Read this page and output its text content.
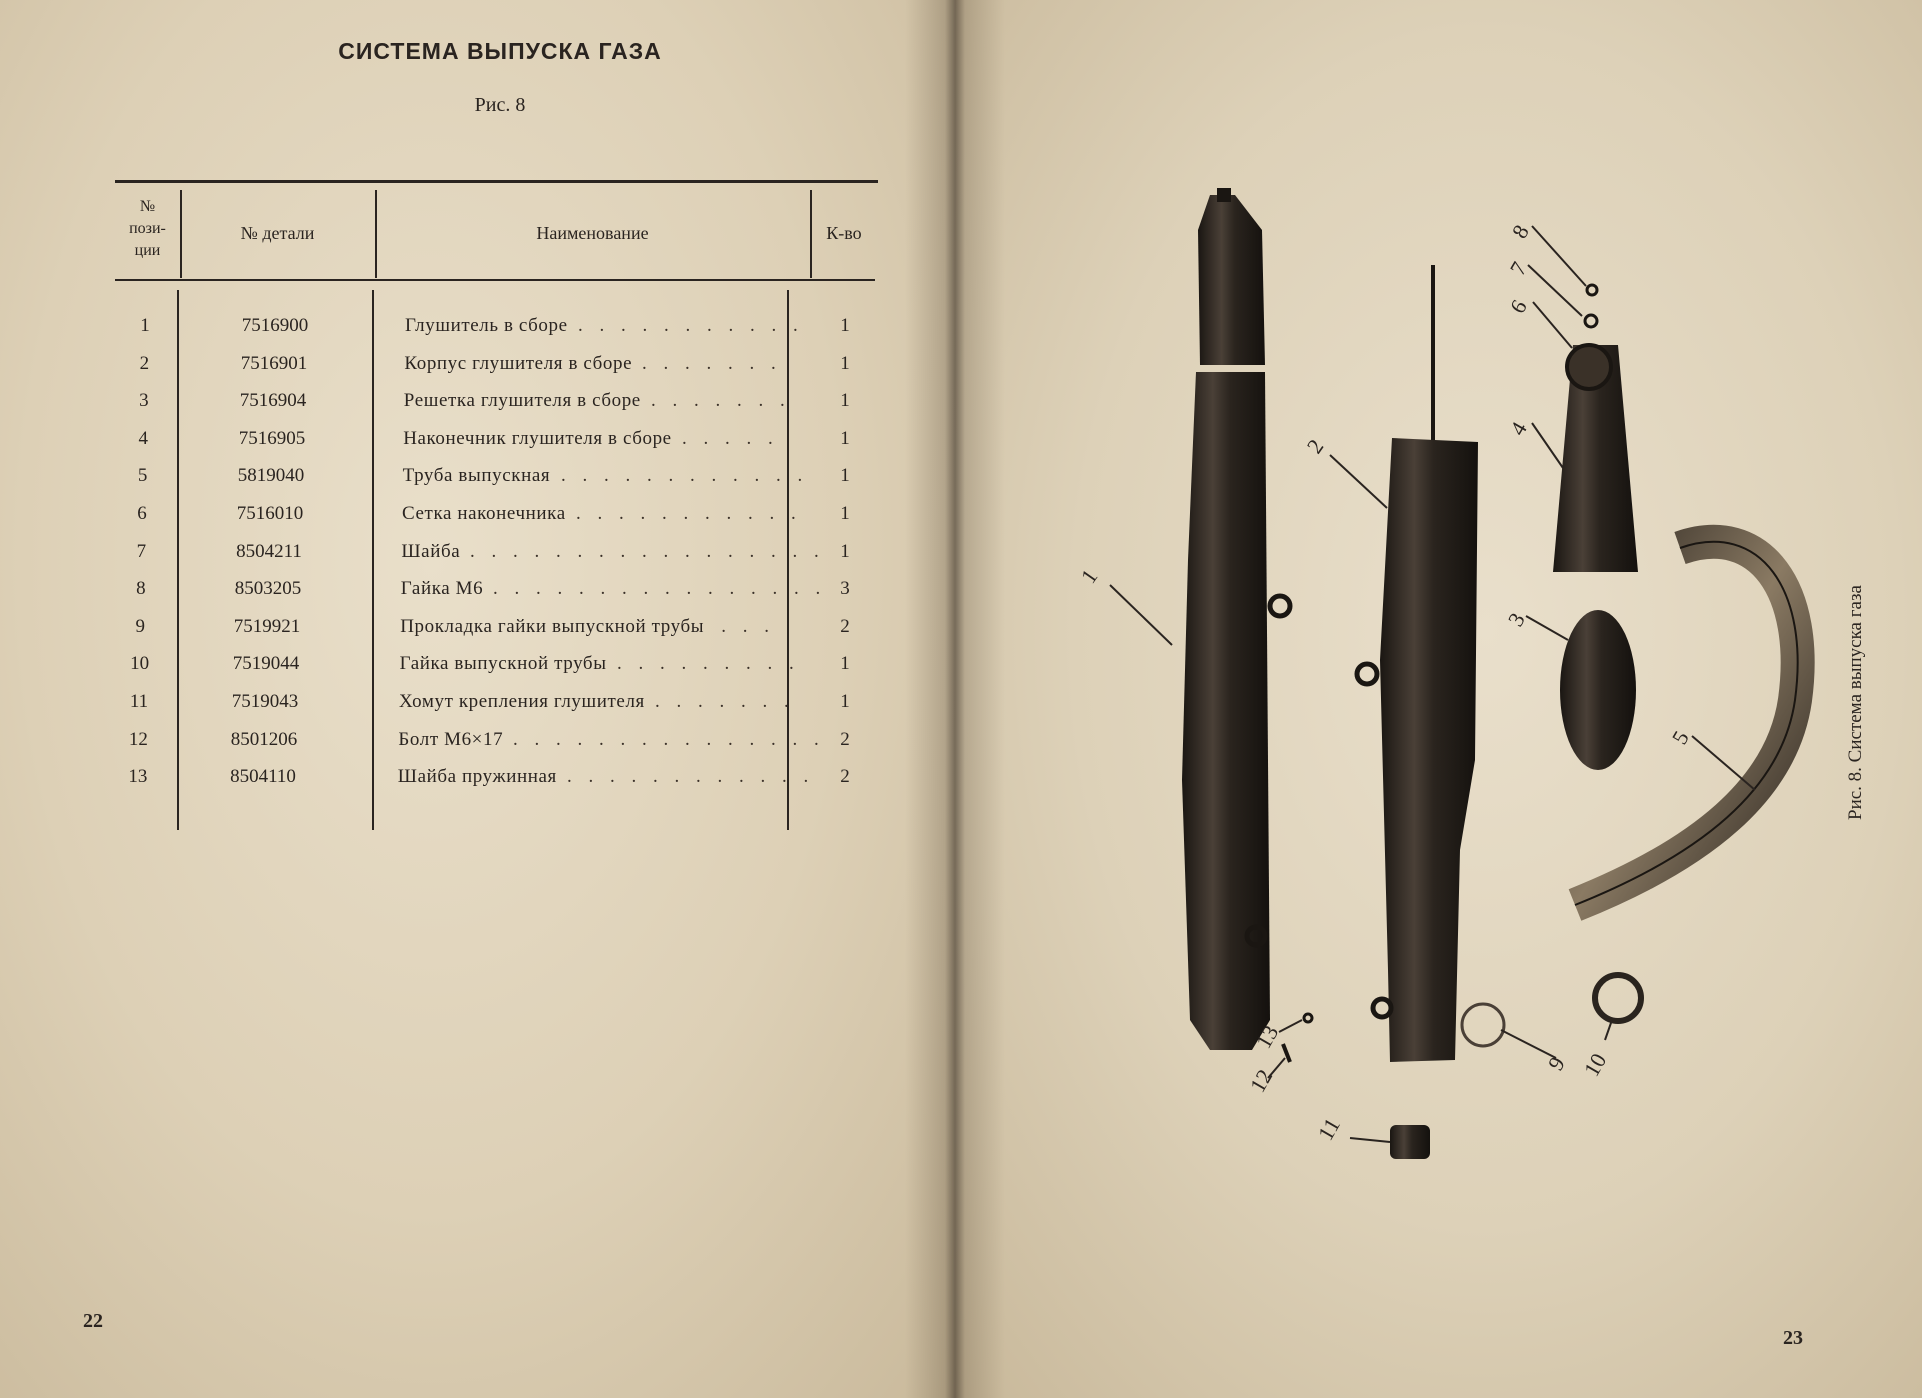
СИСТЕМА ВЫПУСКА ГАЗА
Рис. 8
№
пози-
ции
№ детали	Наименование	К-во
1	7516900	Глушитель в сборе . . . . . . . . . . .	1
2	7516901	Корпус глушителя в сборе . . . . . . .	1
3	7516904	Решетка глушителя в сборе . . . . . . .	1
4	7516905	Наконечник глушителя в сборе . . . . .	1
5	5819040	Труба выпускная . . . . . . . . . . . .	1
6	7516010	Сетка наконечника . . . . . . . . . . .	1
7	8504211	Шайба . . . . . . . . . . . . . . . . . 1
8	8503205	Гайка М6 . . . . . . . . . . . . . . . . 3
9	7519921	Прокладка гайки выпускной трубы . . .	2
10	7519044	Гайка выпускной трубы . . . . . . . . .	1
11	7519043	Хомут крепления глушителя . . . . . . .	1
12	8501206	Болт М6×17 . . . . . . . . . . . . . . . 2
13	8504110	Шайба пружинная . . . . . . . . . . . .	2
22
23
Рис. 8. Система выпуска газа
1
2
3
4
5
6
7
8
9 10
11
12
13
